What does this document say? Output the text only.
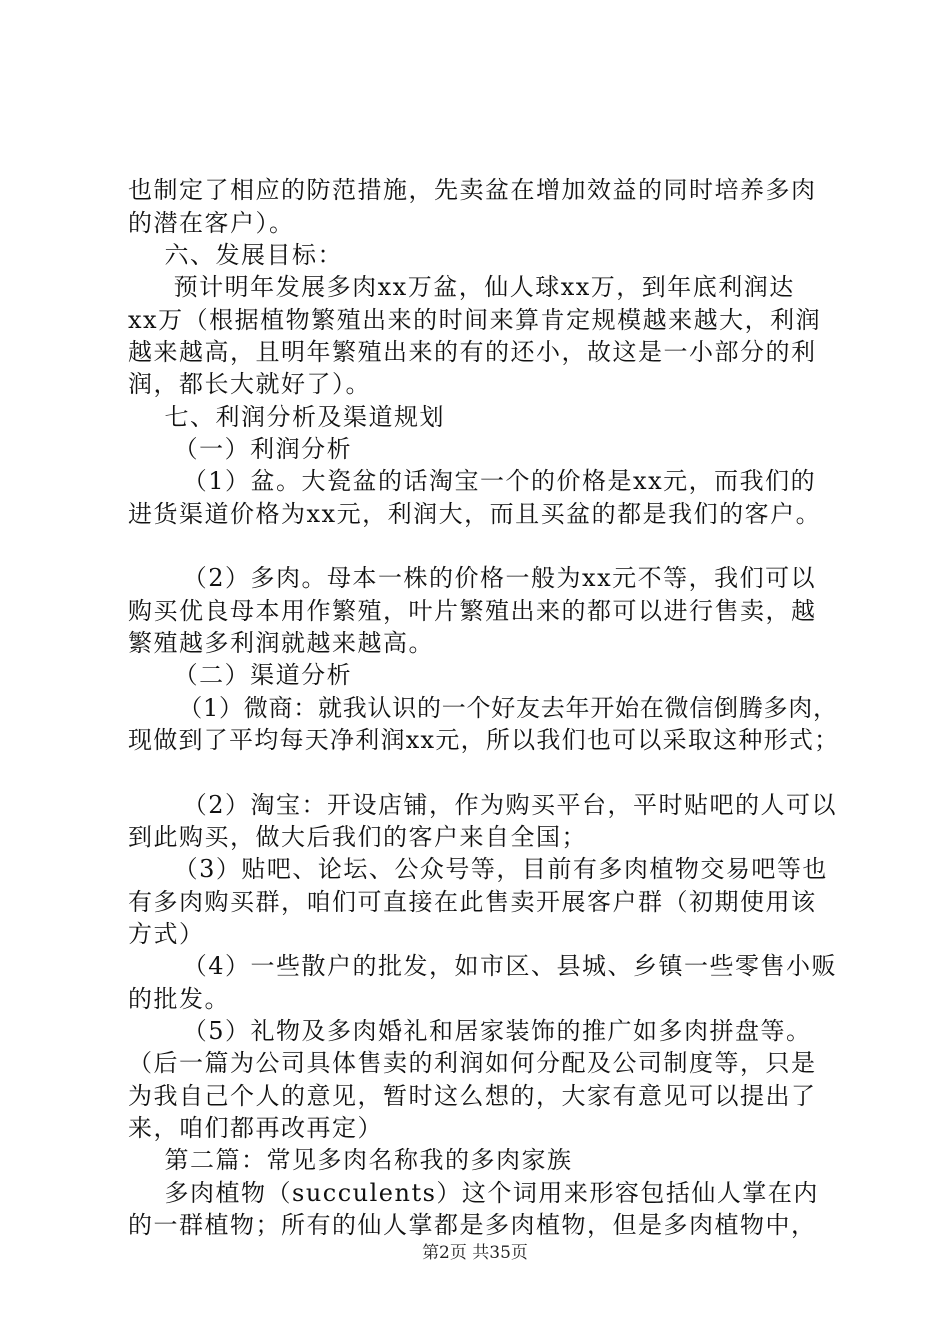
也制定了相应的防范措施，先卖盆在增加效益的同时培养多肉
的潜在客户）。
六、发展目标：
预计明年发展多肉xx万盆，仙人球xx万，到年底利润达
xx万（根据植物繁殖出来的时间来算肯定规模越来越大，利润
越来越高，且明年繁殖出来的有的还小，故这是一小部分的利
润，都长大就好了）。
七、利润分析及渠道规划
（一）利润分析
（1）盆。大瓷盆的话淘宝一个的价格是xx元，而我们的
进货渠道价格为xx元，利润大，而且买盆的都是我们的客户。
（2）多肉。母本一株的价格一般为xx元不等，我们可以
购买优良母本用作繁殖，叶片繁殖出来的都可以进行售卖，越
繁殖越多利润就越来越高。
（二）渠道分析
（1）微商：就我认识的一个好友去年开始在微信倒腾多肉，
现做到了平均每天净利润xx元，所以我们也可以采取这种形式；
（2）淘宝：开设店铺，作为购买平台，平时贴吧的人可以
到此购买，做大后我们的客户来自全国；
（3）贴吧、论坛、公众号等，目前有多肉植物交易吧等也
有多肉购买群，咱们可直接在此售卖开展客户群（初期使用该
方式）
（4）一些散户的批发，如市区、县城、乡镇一些零售小贩
的批发。
（5）礼物及多肉婚礼和居家装饰的推广如多肉拼盘等。
（后一篇为公司具体售卖的利润如何分配及公司制度等，只是
为我自己个人的意见，暂时这么想的，大家有意见可以提出了
来，咱们都再改再定）
第二篇：常见多肉名称我的多肉家族
多肉植物（succulents）这个词用来形容包括仙人掌在内
的一群植物；所有的仙人掌都是多肉植物，但是多肉植物中，
第2页 共35页
